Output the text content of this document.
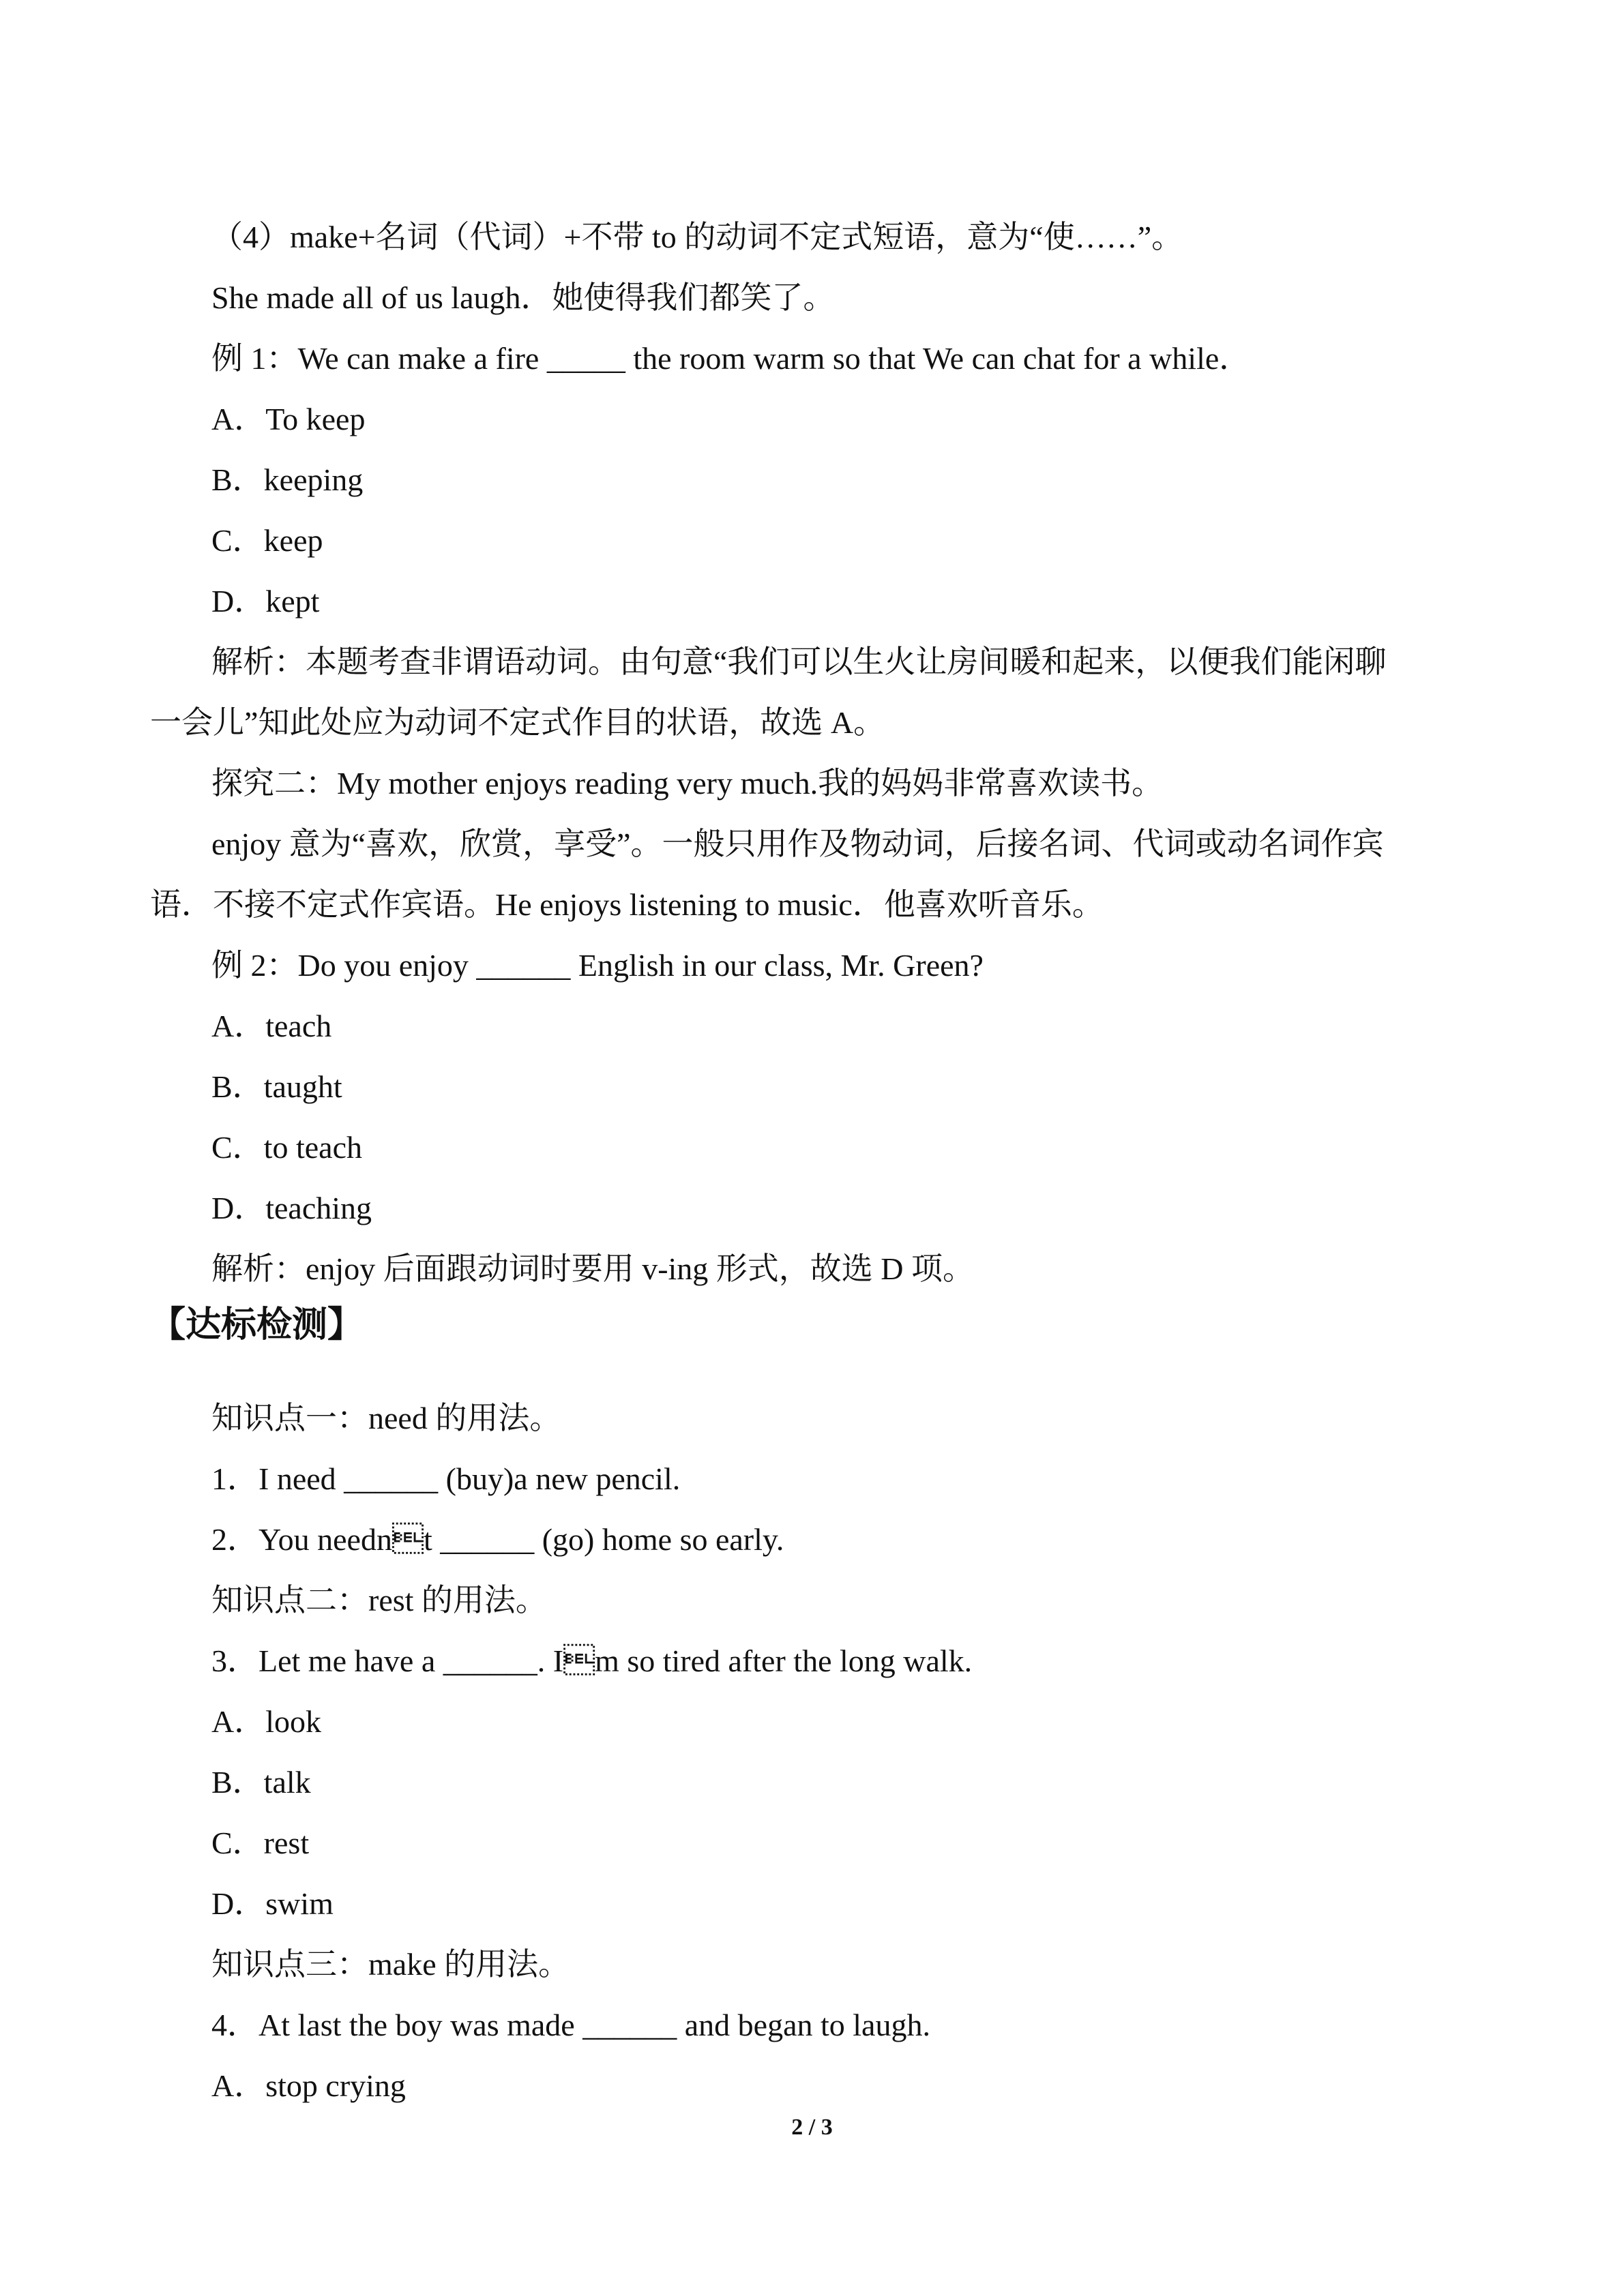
（4）make+名词（代词）+不带 to 的动词不定式短语，意为“使……”。
She made all of us laugh．她使得我们都笑了。
例 1：We can make a fire _____ the room warm so that We can chat for a while．
A．To keep
B．keeping
C．keep
D．kept
解析：本题考查非谓语动词。由句意“我们可以生火让房间暖和起来，以便我们能闲聊
一会儿”知此处应为动词不定式作目的状语，故选 A。
探究二：My mother enjoys reading very much.我的妈妈非常喜欢读书。
enjoy 意为“喜欢，欣赏，享受”。一般只用作及物动词，后接名词、代词或动名词作宾
语．不接不定式作宾语。He enjoys listening to music．他喜欢听音乐。
例 2：Do you enjoy ______ English in our class, Mr. Green?
A．teach
B．taught
C．to teach
D．teaching
解析：enjoy 后面跟动词时要用 v-ing 形式，故选 D 项。
【达标检测】
知识点一：need 的用法。
1．I need ______ (buy)a new pencil.
2．You neednt ______ (go) home so early.
知识点二：rest 的用法。
3．Let me have a ______. Im so tired after the long walk.
A．look
B．talk
C．rest
D．swim
知识点三：make 的用法。
4．At last the boy was made ______ and began to laugh.
A．stop crying
2 / 3
